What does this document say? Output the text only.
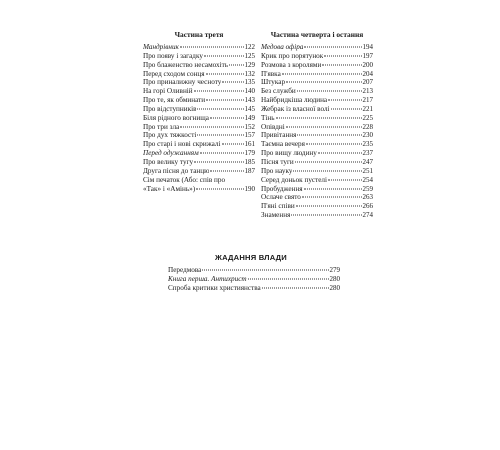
Частина третя
Мандрівник	122
Про появу і загадку	125
Про блаженство несамохіть 129
Перед сходом сонця	132
Про приналижну чесноту	135
На горі Оливній	140
Про те, як обминати	143
Про відступників	145
Біля рідного вогнища	149
Про три зла	152
Про дух тяжкості	157
Про старі і нові скрижалі	161
Перед одужанням	179
Про велику тугу	185
Друга пісня до танцю	187
Сім печаток (Або: спів про
«Так» і «Амінь»)	190
Частина четверта і остання
Медова офіра	194
Крик про порятунок	197
Розмова з королями	200
П'явка	204
Штукар	207
Без служби	213
Найбридкіша людина	217
Жебрак із власної волі	221
Тінь	225
Опівдні	228
Привітання	230
Таємна вечеря	235
Про вищу людину	237
Пісня туги	247
Про науку	251
Серед доньок пустелі	254
Пробудження	259
Ослаче свято	263
П'яні співи	266
Знамення	274
ЖАДАННЯ ВЛАДИ
Передмова	279
Книга перша. Антихрист	280
Спроба критики християнства	280
